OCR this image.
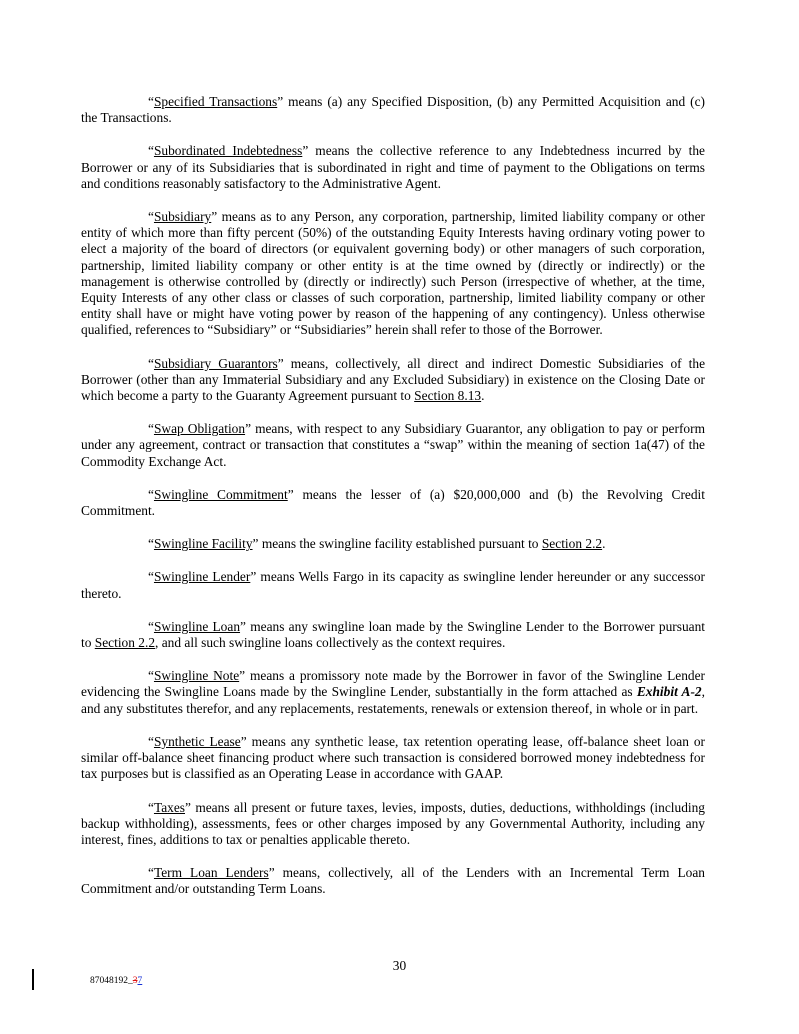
“Specified Transactions” means (a) any Specified Disposition, (b) any Permitted Acquisition and (c) the Transactions.

“Subordinated Indebtedness” means the collective reference to any Indebtedness incurred by the Borrower or any of its Subsidiaries that is subordinated in right and time of payment to the Obligations on terms and conditions reasonably satisfactory to the Administrative Agent.

“Subsidiary” means as to any Person, any corporation, partnership, limited liability company or other entity of which more than fifty percent (50%) of the outstanding Equity Interests having ordinary voting power to elect a majority of the board of directors (or equivalent governing body) or other managers of such corporation, partnership, limited liability company or other entity is at the time owned by (directly or indirectly) or the management is otherwise controlled by (directly or indirectly) such Person (irrespective of whether, at the time, Equity Interests of any other class or classes of such corporation, partnership, limited liability company or other entity shall have or might have voting power by reason of the happening of any contingency). Unless otherwise qualified, references to “Subsidiary” or “Subsidiaries” herein shall refer to those of the Borrower.

“Subsidiary Guarantors” means, collectively, all direct and indirect Domestic Subsidiaries of the Borrower (other than any Immaterial Subsidiary and any Excluded Subsidiary) in existence on the Closing Date or which become a party to the Guaranty Agreement pursuant to Section 8.13.

“Swap Obligation” means, with respect to any Subsidiary Guarantor, any obligation to pay or perform under any agreement, contract or transaction that constitutes a “swap” within the meaning of section 1a(47) of the Commodity Exchange Act.

“Swingline Commitment” means the lesser of (a) $20,000,000 and (b) the Revolving Credit Commitment.

“Swingline Facility” means the swingline facility established pursuant to Section 2.2.

“Swingline Lender” means Wells Fargo in its capacity as swingline lender hereunder or any successor thereto.

“Swingline Loan” means any swingline loan made by the Swingline Lender to the Borrower pursuant to Section 2.2, and all such swingline loans collectively as the context requires.

“Swingline Note” means a promissory note made by the Borrower in favor of the Swingline Lender evidencing the Swingline Loans made by the Swingline Lender, substantially in the form attached as Exhibit A-2, and any substitutes therefor, and any replacements, restatements, renewals or extension thereof, in whole or in part.

“Synthetic Lease” means any synthetic lease, tax retention operating lease, off-balance sheet loan or similar off-balance sheet financing product where such transaction is considered borrowed money indebtedness for tax purposes but is classified as an Operating Lease in accordance with GAAP.

“Taxes” means all present or future taxes, levies, imposts, duties, deductions, withholdings (including backup withholding), assessments, fees or other charges imposed by any Governmental Authority, including any interest, fines, additions to tax or penalties applicable thereto.

“Term Loan Lenders” means, collectively, all of the Lenders with an Incremental Term Loan Commitment and/or outstanding Term Loans.

30
87048192_37
